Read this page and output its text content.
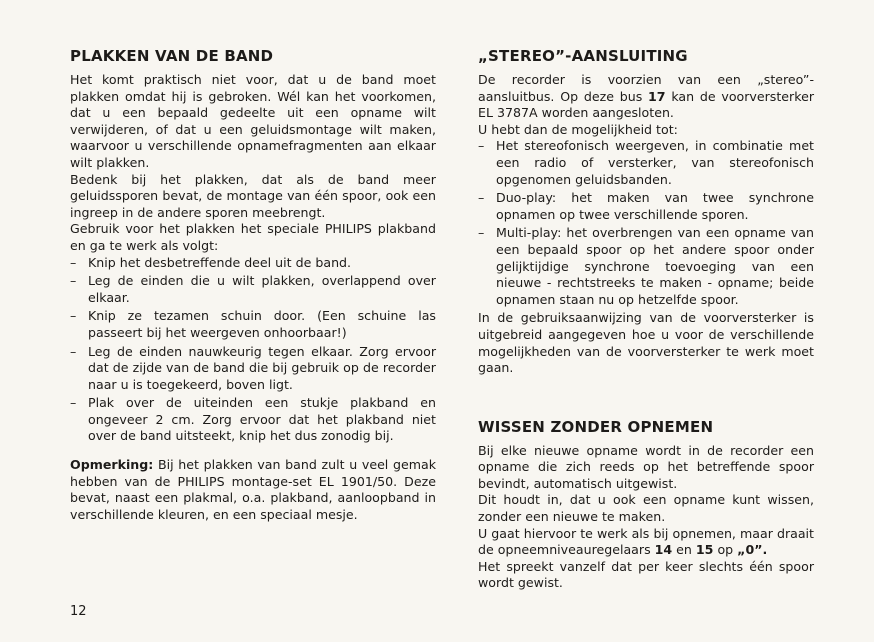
PLAKKEN VAN DE BAND

Het komt praktisch niet voor, dat u de band moet plakken omdat hij is gebroken. Wél kan het voorkomen, dat u een bepaald gedeelte uit een opname wilt verwijderen, of dat u een geluidsmontage wilt maken, waarvoor u verschillende opnamefragmenten aan elkaar wilt plakken.

Bedenk bij het plakken, dat als de band meer geluidssporen bevat, de montage van één spoor, ook een ingreep in de andere sporen meebrengt.

Gebruik voor het plakken het speciale PHILIPS plakband en ga te werk als volgt:

– Knip het desbetreffende deel uit de band.
– Leg de einden die u wilt plakken, overlappend over elkaar.
– Knip ze tezamen schuin door. (Een schuine las passeert bij het weergeven onhoorbaar!)
– Leg de einden nauwkeurig tegen elkaar. Zorg ervoor dat de zijde van de band die bij gebruik op de recorder naar u is toegekeerd, boven ligt.
– Plak over de uiteinden een stukje plakband en ongeveer 2 cm. Zorg ervoor dat het plakband niet over de band uitsteekt, knip het dus zonodig bij.

Opmerking: Bij het plakken van band zult u veel gemak hebben van de PHILIPS montage-set EL 1901/50. Deze bevat, naast een plakmal, o.a. plakband, aanloopband in verschillende kleuren, en een speciaal mesje.

„STEREO”-AANSLUITING

De recorder is voorzien van een „stereo”-aansluitbus. Op deze bus 17 kan de voorversterker EL 3787A worden aangesloten.

U hebt dan de mogelijkheid tot:

– Het stereofonisch weergeven, in combinatie met een radio of versterker, van stereofonisch opgenomen geluidsbanden.
– Duo-play: het maken van twee synchrone opnamen op twee verschillende sporen.
– Multi-play: het overbrengen van een opname van een bepaald spoor op het andere spoor onder gelijktijdige synchrone toevoeging van een nieuwe - rechtstreeks te maken - opname; beide opnamen staan nu op hetzelfde spoor.

In de gebruiksaanwijzing van de voorversterker is uitgebreid aangegeven hoe u voor de verschillende mogelijkheden van de voorversterker te werk moet gaan.

WISSEN ZONDER OPNEMEN

Bij elke nieuwe opname wordt in de recorder een opname die zich reeds op het betreffende spoor bevindt, automatisch uitgewist.

Dit houdt in, dat u ook een opname kunt wissen, zonder een nieuwe te maken.

U gaat hiervoor te werk als bij opnemen, maar draait de opneemniveauregelaars 14 en 15 op „0”.

Het spreekt vanzelf dat per keer slechts één spoor wordt gewist.

12
